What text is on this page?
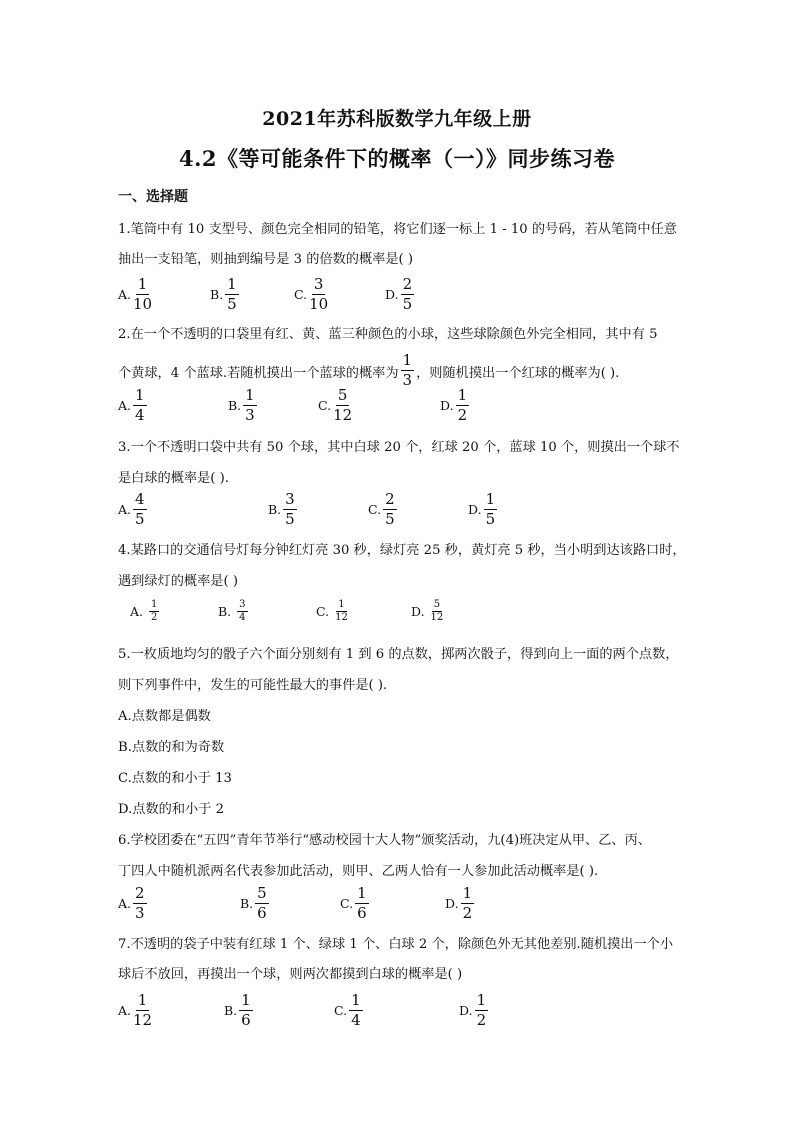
2021年苏科版数学九年级上册
4.2《等可能条件下的概率（一）》同步练习卷
一、选择题
1.笔筒中有 10 支型号、颜色完全相同的铅笔，将它们逐一标上 1 - 10 的号码，若从笔筒中任意
抽出一支铅笔，则抽到编号是 3 的倍数的概率是( )
A. $\frac{1}{10}$	B. $\frac{1}{5}$	C. $\frac{3}{10}$	D. $\frac{2}{5}$
2.在一个不透明的口袋里有红、黄、蓝三种颜色的小球，这些球除颜色外完全相同，其中有 5
个黄球，4 个蓝球.若随机摸出一个蓝球的概率为 $\frac{1}{3}$ ，则随机摸出一个红球的概率为( ).
A. $\frac{1}{4}$	B. $\frac{1}{3}$	C. $\frac{5}{12}$	D. $\frac{1}{2}$
3.一个不透明口袋中共有 50 个球，其中白球 20 个，红球 20 个，蓝球 10 个，则摸出一个球不
是白球的概率是( ).
A. $\frac{4}{5}$	B. $\frac{3}{5}$	C. $\frac{2}{5}$	D. $\frac{1}{5}$
4.某路口的交通信号灯每分钟红灯亮 30 秒，绿灯亮 25 秒，黄灯亮 5 秒，当小明到达该路口时，
遇到绿灯的概率是( )
A.
$\frac{1}{2}$	B.
$\frac{3}{4}$	C.
$\frac{1}{12}$	D.
$\frac{5}{12}$
5.一枚质地均匀的骰子六个面分别刻有 1 到 6 的点数，掷两次骰子，得到向上一面的两个点数，
则下列事件中，发生的可能性最大的事件是( ).
A.点数都是偶数
B.点数的和为奇数
C.点数的和小于 13
D.点数的和小于 2
6.学校团委在“五四”青年节举行“感动校园十大人物”颁奖活动，九(4)班决定从甲、乙、丙、
丁四人中随机派两名代表参加此活动，则甲、乙两人恰有一人参加此活动概率是( ).
A. $\frac{2}{3}$	B. $\frac{5}{6}$	C. $\frac{1}{6}$	D. $\frac{1}{2}$
7.不透明的袋子中装有红球 1 个、绿球 1 个、白球 2 个，除颜色外无其他差别.随机摸出一个小
球后不放回，再摸出一个球，则两次都摸到白球的概率是( )
A. $\frac{1}{12}$	B. $\frac{1}{6}$	C. $\frac{1}{4}$	D. $\frac{1}{2}$
